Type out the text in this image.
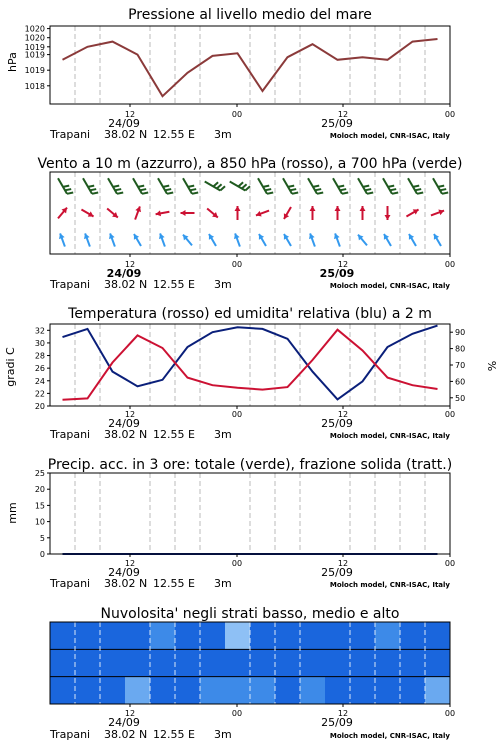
1018
1019
1019
1019
1020
1020
20
22
24
26
28
30
32
50
60
70
80
90
0
5
10
15
20
25
Pressione al livello medio del mare
hPa
Vento a 10 m (azzurro), a 850 hPa (rosso), a 700 hPa (verde)
Temperatura (rosso) ed umidita' relativa (blu) a 2 m
gradi C	%
Precip. acc. in 3 ore: totale (verde), frazione solida (tratt.)
mm
Nuvolosita' negli strati basso, medio e alto
12	00	12	00
24/09	25/09
Trapani 38.02 N 12.55 E 3m	Moloch model, CNR-ISAC, Italy
12	00	12	00
24/09	25/09
Trapani 38.02 N 12.55 E 3m	Moloch model, CNR-ISAC, Italy
12	00	12	00
24/09	25/09
Trapani 38.02 N 12.55 E 3m	Moloch model, CNR-ISAC, Italy
12	00	12	00
24/09	25/09
Trapani 38.02 N 12.55 E 3m	Moloch model, CNR-ISAC, Italy
12	00	12	00
24/09	25/09
Trapani 38.02 N 12.55 E 3m	Moloch model, CNR-ISAC, Italy
